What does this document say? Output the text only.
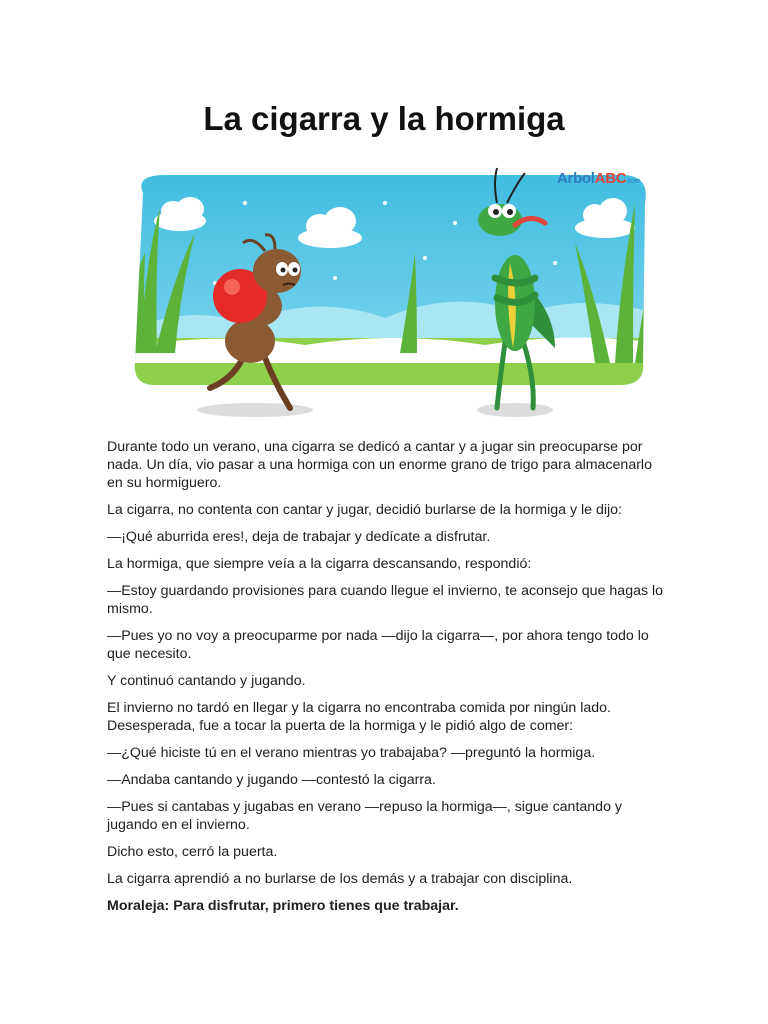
La cigarra y la hormiga
ArbolABC.com

Durante todo un verano, una cigarra se dedicó a cantar y a jugar sin preocuparse por nada. Un día, vio pasar a una hormiga con un enorme grano de trigo para almacenarlo en su hormiguero.

La cigarra, no contenta con cantar y jugar, decidió burlarse de la hormiga y le dijo:

—¡Qué aburrida eres!, deja de trabajar y dedícate a disfrutar.

La hormiga, que siempre veía a la cigarra descansando, respondió:

—Estoy guardando provisiones para cuando llegue el invierno, te aconsejo que hagas lo mismo.

—Pues yo no voy a preocuparme por nada —dijo la cigarra—, por ahora tengo todo lo que necesito.

Y continuó cantando y jugando.

El invierno no tardó en llegar y la cigarra no encontraba comida por ningún lado. Desesperada, fue a tocar la puerta de la hormiga y le pidió algo de comer:

—¿Qué hiciste tú en el verano mientras yo trabajaba? —preguntó la hormiga.

—Andaba cantando y jugando —contestó la cigarra.

—Pues si cantabas y jugabas en verano —repuso la hormiga—, sigue cantando y jugando en el invierno.

Dicho esto, cerró la puerta.

La cigarra aprendió a no burlarse de los demás y a trabajar con disciplina.

Moraleja: Para disfrutar, primero tienes que trabajar.
